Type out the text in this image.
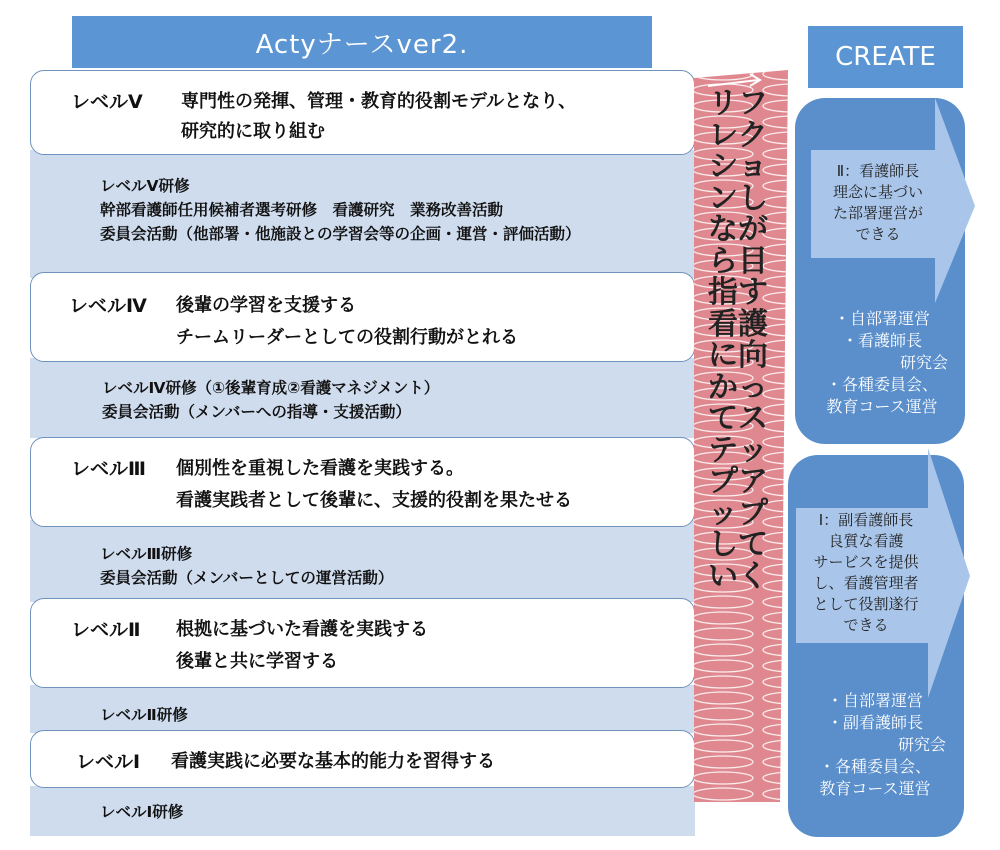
Actyナースver2.	CREATE
レベルⅤ研修
幹部看護師任用候補者選考研修　看護研究　業務改善活動
委員会活動（他部署・他施設との学習会等の企画・運営・評価活動）
レベルⅣ研修（①後輩育成②看護マネジメント）
委員会活動（メンバーへの指導・支援活動）
レベルⅢ研修
委員会活動（メンバーとしての運営活動）
レベルⅡ研修
レベルⅠ研修
レベルⅤ 専門性の発揮、管理・教育的役割モデルとなり、
研究的に取り組む
レベルⅣ 後輩の学習を支援する
チームリーダーとしての役割行動がとれる
レベルⅢ 個別性を重視した看護を実践する。
看護実践者として後輩に、支援的役割を果たせる
レベルⅡ 根拠に基づいた看護を実践する
後輩と共に学習する
レベルⅠ 看護実践に必要な基本的能力を習得する
リフレクションしながら目指す看護に向かってステップアップしていく
Ⅱ：看護師長
理念に基づい
た部署運営が
できる
・自部署運営
・看護師長
研究会
・各種委員会、
教育コース運営
Ⅰ：副看護師長
良質な看護
サービスを提供
し、看護管理者
として役割遂行
できる
・自部署運営
・副看護師長
研究会
・各種委員会、
教育コース運営
